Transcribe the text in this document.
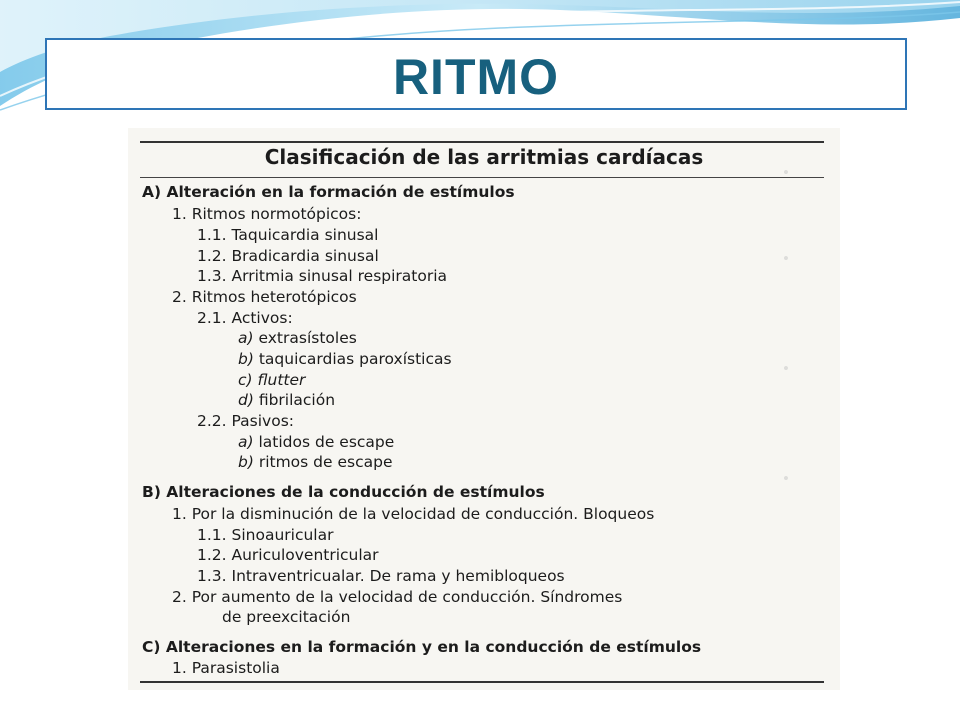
RITMO
•
•
•
•
Clasificación de las arritmias cardíacas
A) Alteración en la formación de estímulos
1. Ritmos normotópicos:
1.1. Taquicardia sinusal
1.2. Bradicardia sinusal
1.3. Arritmia sinusal respiratoria
2. Ritmos heterotópicos
2.1. Activos:
a) extrasístoles
b) taquicardias paroxísticas
c) flutter
d) fibrilación
2.2. Pasivos:
a) latidos de escape
b) ritmos de escape
B) Alteraciones de la conducción de estímulos
1. Por la disminución de la velocidad de conducción. Bloqueos
1.1. Sinoauricular
1.2. Auriculoventricular
1.3. Intraventricualar. De rama y hemibloqueos
2. Por aumento de la velocidad de conducción. Síndromes
de preexcitación
C) Alteraciones en la formación y en la conducción de estímulos
1. Parasistolia
